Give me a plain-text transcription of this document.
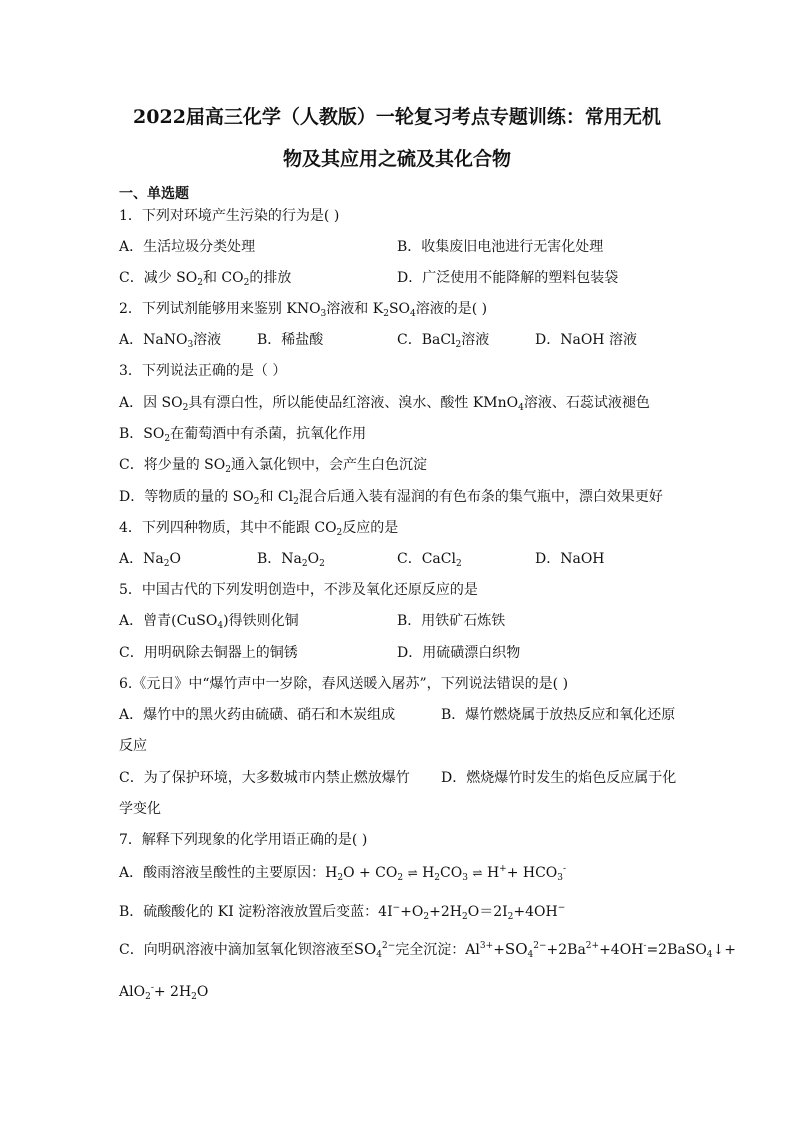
2022届高三化学（人教版）一轮复习考点专题训练：常用无机
物及其应用之硫及其化合物
一、单选题
1．下列对环境产生污染的行为是( )
A．生活垃圾分类处理	B．收集废旧电池进行无害化处理
C．减少 $SO_2$和 $CO_2$的排放	D．广泛使用不能降解的塑料包装袋
2．下列试剂能够用来鉴别 $KNO_3$溶液和 $K_2SO_4$溶液的是( )
A．NaNO$_3$溶液	B．稀盐酸	C．BaCl$_2$溶液	D．NaOH 溶液
3．下列说法正确的是（ ）
A．因 $SO_2$具有漂白性，所以能使品红溶液、溴水、酸性 KMnO$_4$溶液、石蕊试液褪色
B．$SO_2$在葡萄酒中有杀菌，抗氧化作用
C．将少量的 $SO_2$通入氯化钡中，会产生白色沉淀
D．等物质的量的 $SO_2$和 $Cl_2$混合后通入装有湿润的有色布条的集气瓶中，漂白效果更好
4．下列四种物质，其中不能跟 $CO_2$反应的是
A．$Na_2O$	B．$Na_2O_2$	C．CaCl$_2$	D．NaOH
5．中国古代的下列发明创造中，不涉及氧化还原反应的是
A．曾青(CuSO$_4$)得铁则化铜	B．用铁矿石炼铁
C．用明矾除去铜器上的铜锈	D．用硫磺漂白织物
6.《元日》中“爆竹声中一岁除，春风送暖入屠苏”，下列说法错误的是( )
A．爆竹中的黑火药由硫磺、硝石和木炭组成	B．爆竹燃烧属于放热反应和氧化还原
反应
C．为了保护环境，大多数城市内禁止燃放爆竹 D．燃烧爆竹时发生的焰色反应属于化
学变化
7．解释下列现象的化学用语正确的是( )
A．酸雨溶液呈酸性的主要原因：$H_2O + CO_2$ ⇌ $H_2CO_3$ ⇌ $H^++ HCO_3^-$
B．硫酸酸化的 KI 淀粉溶液放置后变蓝：$4I^-+O_2+2H_2O=2I_2+4OH^-$
C．向明矾溶液中滴加氢氧化钡溶液至$SO_4^{2-}$完全沉淀：$Al^{3+}+SO_4^{2-}+2Ba^{2+}+4OH^-=2BaSO_4↓+$
$AlO_2^-+ 2H_2O$
